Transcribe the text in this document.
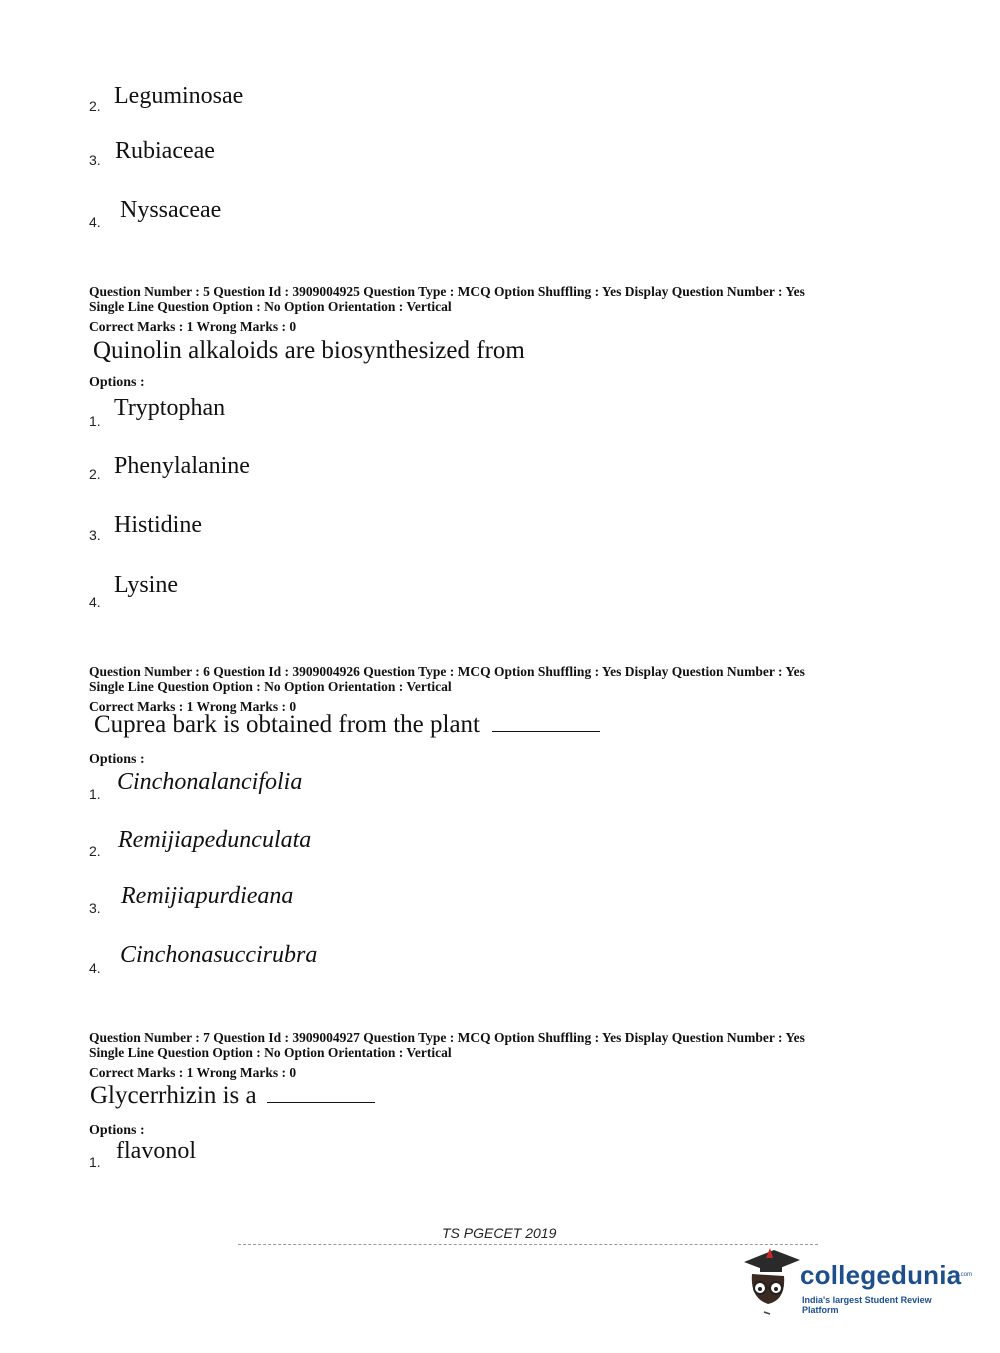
2. Leguminosae
3. Rubiaceae
4. Nyssaceae
Question Number : 5 Question Id : 3909004925 Question Type : MCQ Option Shuffling : Yes Display Question Number : Yes
Single Line Question Option : No Option Orientation : Vertical
Correct Marks : 1 Wrong Marks : 0
Quinolin alkaloids are biosynthesized from
Options :
1. Tryptophan
2. Phenylalanine
3. Histidine
4.
Lysine
Question Number : 6 Question Id : 3909004926 Question Type : MCQ Option Shuffling : Yes Display Question Number : Yes
Single Line Question Option : No Option Orientation : Vertical
Correct Marks : 1 Wrong Marks : 0
Cuprea bark is obtained from the plant
Options :
1. Cinchonalancifolia
2. Remijiapedunculata
3. Remijiapurdieana
4. Cinchonasuccirubra
Question Number : 7 Question Id : 3909004927 Question Type : MCQ Option Shuffling : Yes Display Question Number : Yes
Single Line Question Option : No Option Orientation : Vertical
Correct Marks : 1 Wrong Marks : 0
Glycerrhizin is a
Options :
1. flavonol
TS PGECET 2019
collegedunia
.com
India's largest Student Review Platform
